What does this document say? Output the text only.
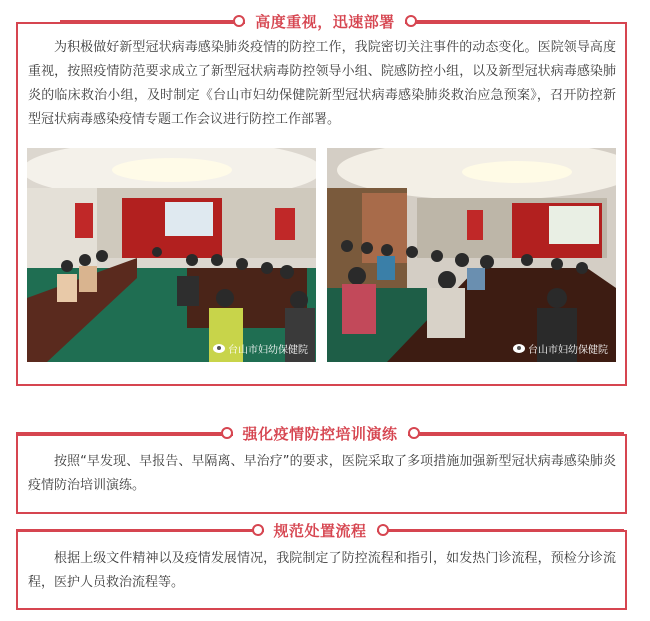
高度重视，迅速部署
为积极做好新型冠状病毒感染肺炎疫情的防控工作，我院密切关注事件的动态变化。医院领导高度重视，按照疫情防范要求成立了新型冠状病毒防控领导小组、院感防控小组，以及新型冠状病毒感染肺炎的临床救治小组，及时制定《台山市妇幼保健院新型冠状病毒感染肺炎救治应急预案》，召开防控新型冠状病毒感染疫情专题工作会议进行防控工作部署。
台山市妇幼保健院	台山市妇幼保健院
强化疫情防控培训演练
按照“早发现、早报告、早隔离、早治疗”的要求，医院采取了多项措施加强新型冠状病毒感染肺炎疫情防治培训演练。
规范处置流程
根据上级文件精神以及疫情发展情况，我院制定了防控流程和指引，如发热门诊流程，预检分诊流程，医护人员救治流程等。
